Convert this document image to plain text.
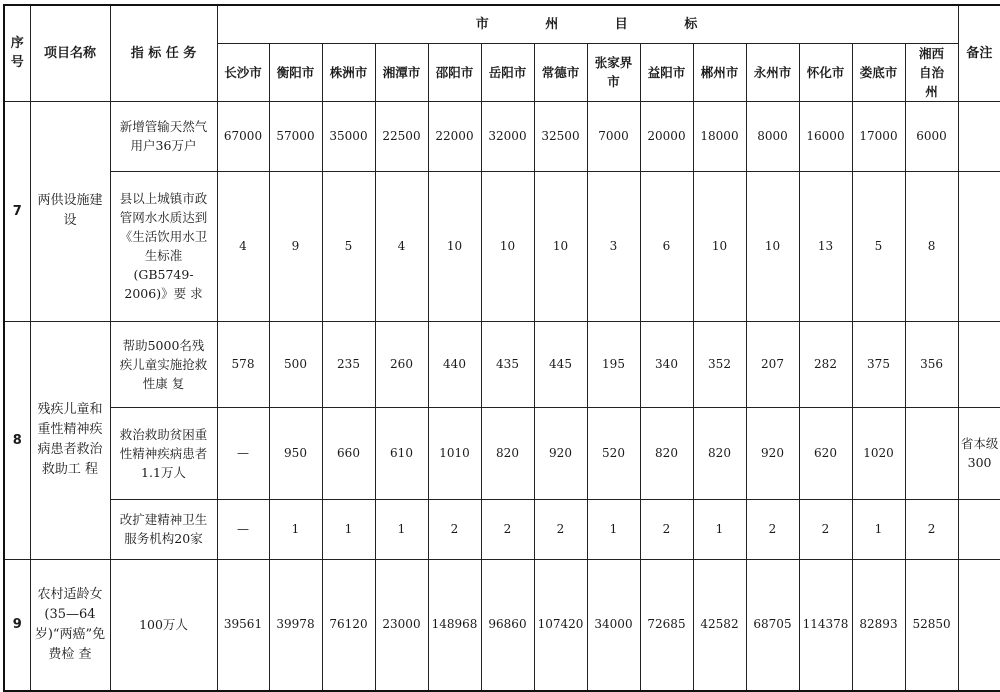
序号	项目名称	指 标 任 务	市 州 目 标														备注
			长沙市	衡阳市	株洲市	湘潭市	邵阳市	岳阳市	常德市	张家界市	益阳市	郴州市	永州市	怀化市	娄底市	湘西自治州	
7	两供设施建设	新增管输天然气用户36万户	67000	57000	35000	22500	22000	32000	32500	7000	20000	18000	8000	16000	17000	6000	
		县以上城镇市政管网水水质达到《生活饮用水卫生标准(GB5749-2006)》要 求	4	9	5	4	10	10	10	3	6	10	10	13	5	8	
8	残疾儿童和重性精神疾病患者救治救助工 程	帮助5000名残疾儿童实施抢救性康 复	578	500	235	260	440	435	445	195	340	352	207	282	375	356	
		救治救助贫困重性精神疾病患者1.1万人	—	950	660	610	1010	820	920	520	820	820	920	620	1020		省本级300
		改扩建精神卫生服务机构20家	—	1	1	1	2	2	2	1	2	1	2	2	1	2	
9	农村适龄女(35—64岁)“两癌”免费检 查	100万人	39561	39978	76120	23000	148968	96860	107420	34000	72685	42582	68705	114378	82893	52850	
